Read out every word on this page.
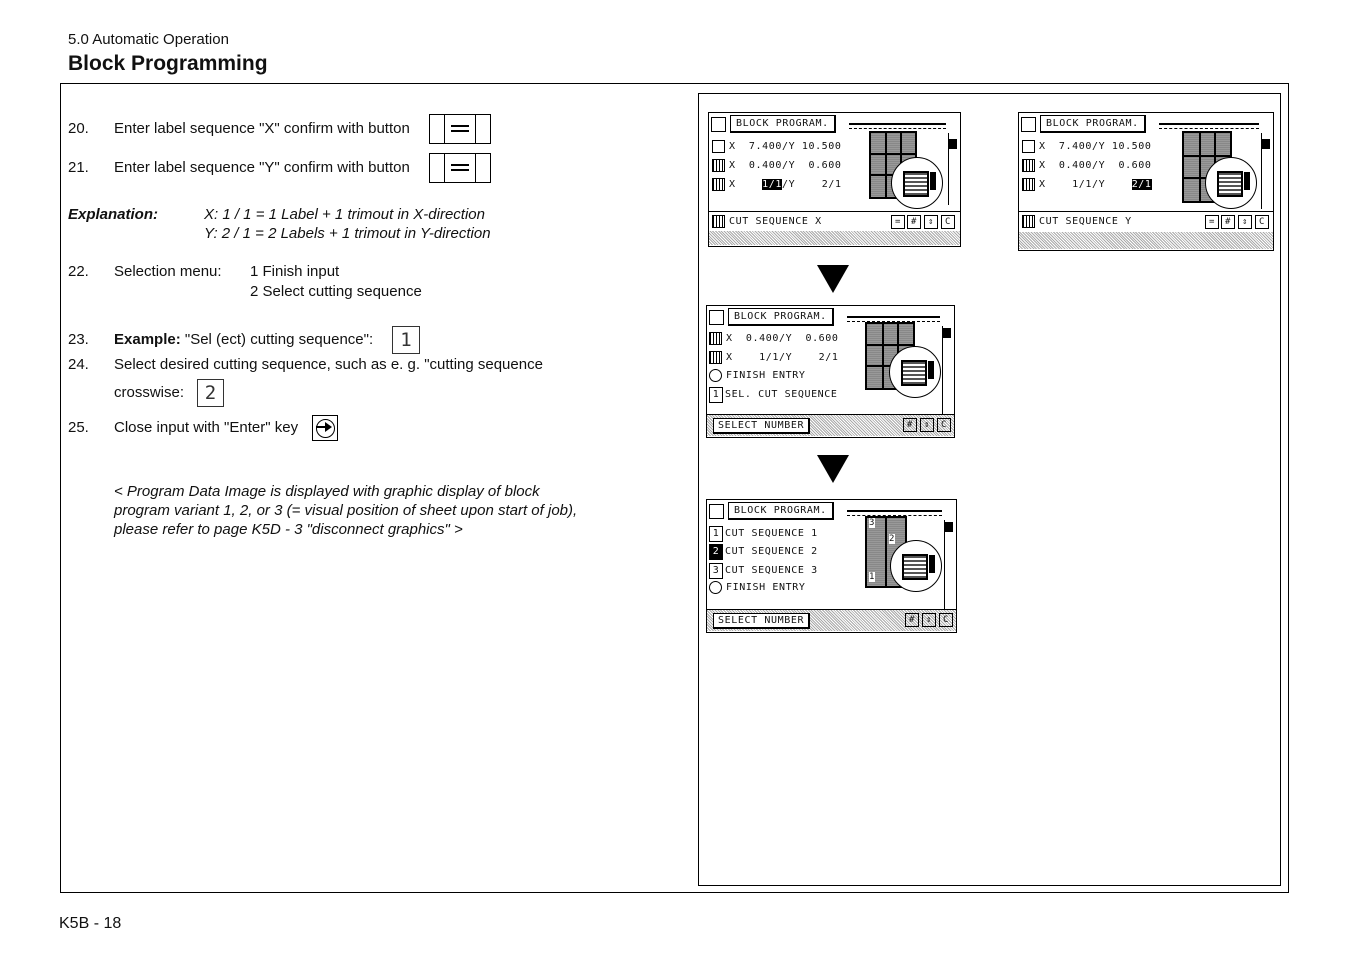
5.0 Automatic Operation
Block Programming
20. Enter label sequence "X" confirm with button
21. Enter label sequence "Y" confirm with button
Explanation:	X: 1 / 1 = 1 Label + 1 trimout in X-direction
Y: 2 / 1 = 2 Labels + 1 trimout in Y-direction
22. Selection menu: 1 Finish input
2 Select cutting sequence
23. Example: "Sel (ect) cutting sequence":	1
24. Select desired cutting sequence, such as e. g. "cutting sequence
crosswise:	2
25. Close input with "Enter" key
< Program Data Image is displayed with graphic display of block
program variant 1, 2, or 3 (= visual position of sheet upon start of job),
please refer to page K5D - 3 "disconnect graphics" >
BLOCK PROGRAM.
X  7.400/Y 10.500
X  0.400/Y  0.600
X    1/1/Y    2/1
CUT SEQUENCE X	=	#	⇕	C
BLOCK PROGRAM.
X  7.400/Y 10.500
X  0.400/Y  0.600
X    1/1/Y    2/1
CUT SEQUENCE Y	=	#	⇕	C
BLOCK PROGRAM.
X  0.400/Y  0.600
X    1/1/Y    2/1
FINISH ENTRY
1 SEL. CUT SEQUENCE
SELECT NUMBER	#	⇕	C
BLOCK PROGRAM.
1 CUT SEQUENCE 1
2 CUT SEQUENCE 2
3 CUT SEQUENCE 3
FINISH ENTRY
3
2
1
SELECT NUMBER	#	⇕	C
K5B - 18
